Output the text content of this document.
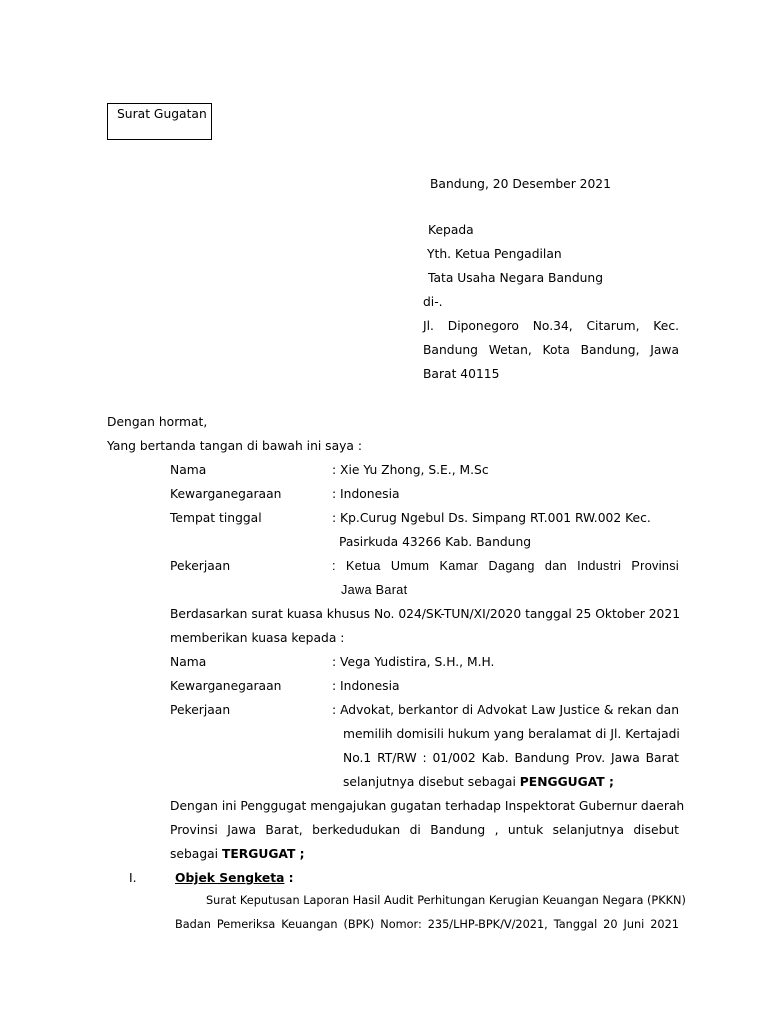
Surat Gugatan
Bandung, 20 Desember 2021
Kepada
Yth. Ketua Pengadilan
Tata Usaha Negara Bandung
di-.
Jl. Diponegoro No.34, Citarum, Kec.
Bandung Wetan, Kota Bandung, Jawa
Barat 40115
Dengan hormat,
Yang bertanda tangan di bawah ini saya :
Nama	: Xie Yu Zhong, S.E., M.Sc
Kewarganegaraan	: Indonesia
Tempat tinggal	: Kp.Curug Ngebul Ds. Simpang RT.001 RW.002 Kec.
Pasirkuda 43266 Kab. Bandung
Pekerjaan	: Ketua Umum Kamar Dagang dan Industri Provinsi
Jawa Barat
Berdasarkan surat kuasa khusus No. 024/SK-TUN/XI/2020 tanggal 25 Oktober 2021
memberikan kuasa kepada :
Nama	: Vega Yudistira, S.H., M.H.
Kewarganegaraan	: Indonesia
Pekerjaan	: Advokat, berkantor di Advokat Law Justice & rekan dan
memilih domisili hukum yang beralamat di Jl. Kertajadi
No.1 RT/RW : 01/002 Kab. Bandung Prov. Jawa Barat
selanjutnya disebut sebagai PENGGUGAT ;
Dengan ini Penggugat mengajukan gugatan terhadap Inspektorat Gubernur daerah
Provinsi Jawa Barat, berkedudukan di Bandung , untuk selanjutnya disebut
sebagai TERGUGAT ;
I.	Objek Sengketa :
Surat Keputusan Laporan Hasil Audit Perhitungan Kerugian Keuangan Negara (PKKN)
Badan Pemeriksa Keuangan (BPK) Nomor: 235/LHP-BPK/V/2021, Tanggal 20 Juni 2021
